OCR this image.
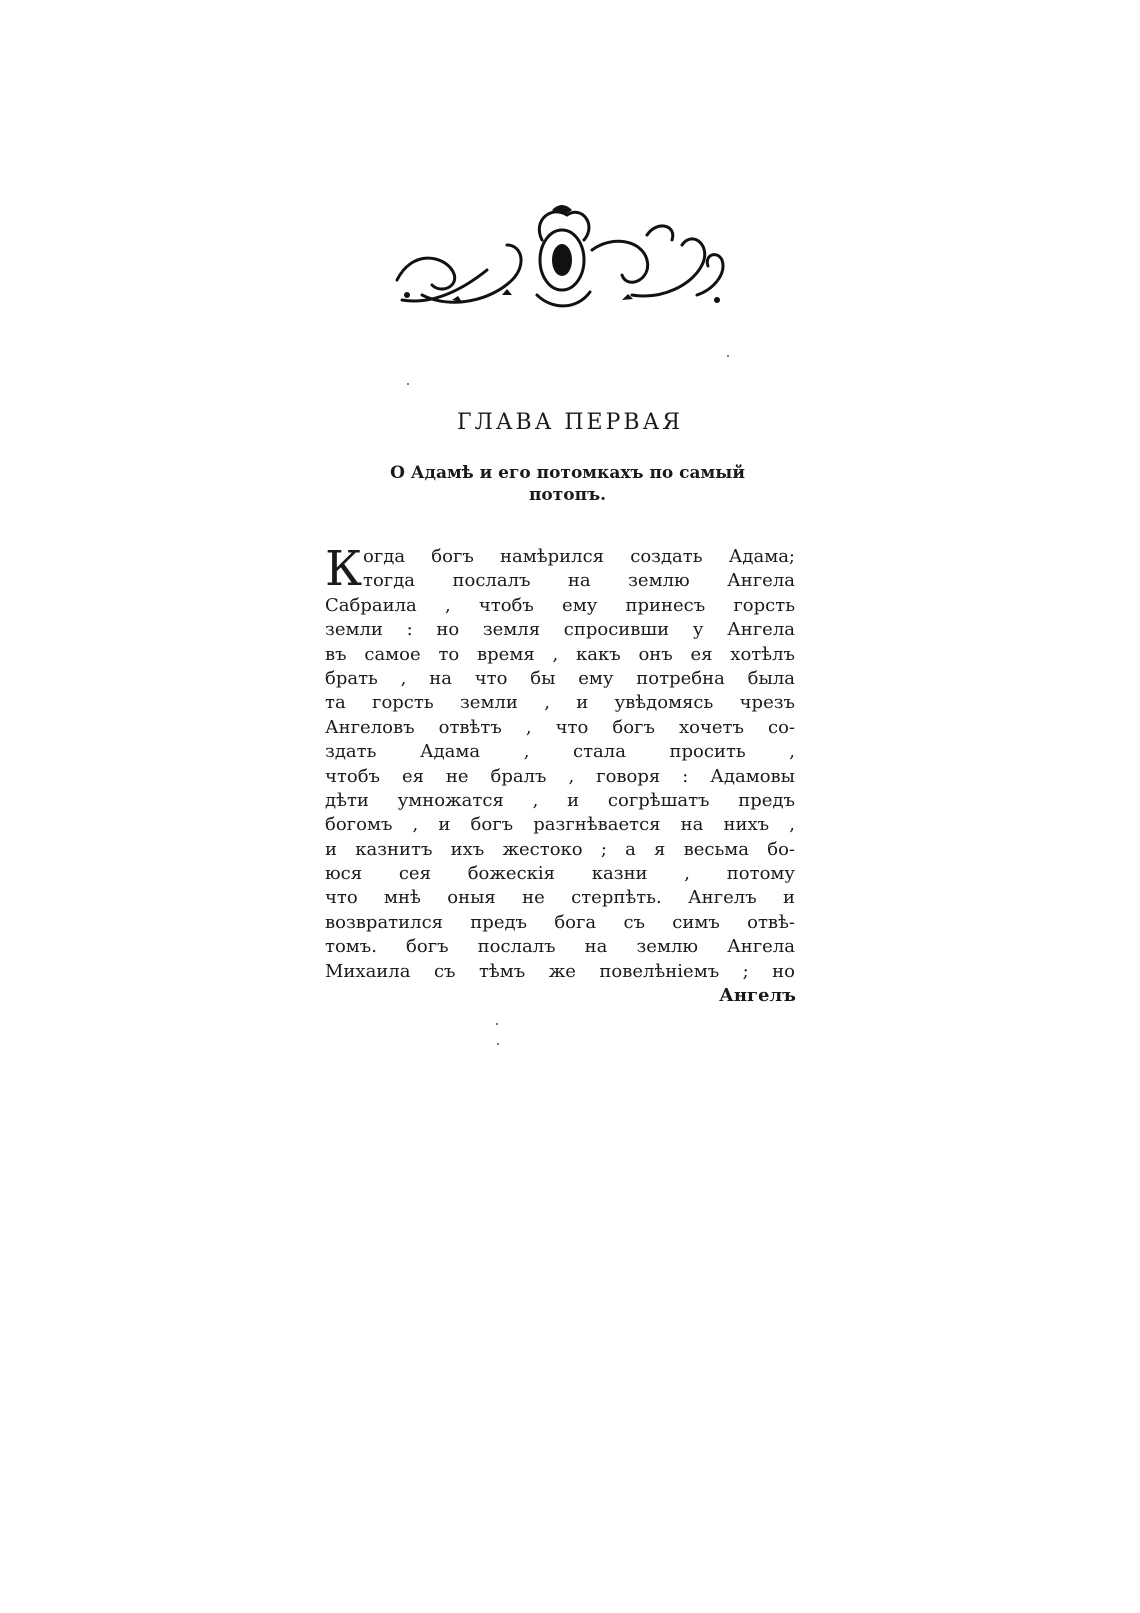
ГЛАВА ПЕРВАЯ
О Адамѣ и его потомкахъ по самый
потопъ.
К огда богъ намѣрился создать Адама;
тогда послалъ на землю Ангела
Сабраила , чтобъ ему принесъ горсть
земли : но земля спросивши у Ангела
въ самое то время , какъ онъ ея хотѣлъ
брать , на что бы ему потребна была
та горсть земли , и увѣдомясь чрезъ
Ангеловъ отвѣтъ , что богъ хочетъ со-
здать Адама , стала просить ,
чтобъ ея не бралъ , говоря : Адамовы
дѣти умножатся , и согрѣшатъ предъ
богомъ , и богъ разгнѣвается на нихъ ,
и казнитъ ихъ жестоко ; а я весьма бо-
юся сея божескія казни , потому
что мнѣ оныя не стерпѣть. Ангелъ и
возвратился предъ бога съ симъ отвѣ-
томъ. богъ послалъ на землю Ангела
Михаила съ тѣмъ же повелѣніемъ ; но
Ангелъ
